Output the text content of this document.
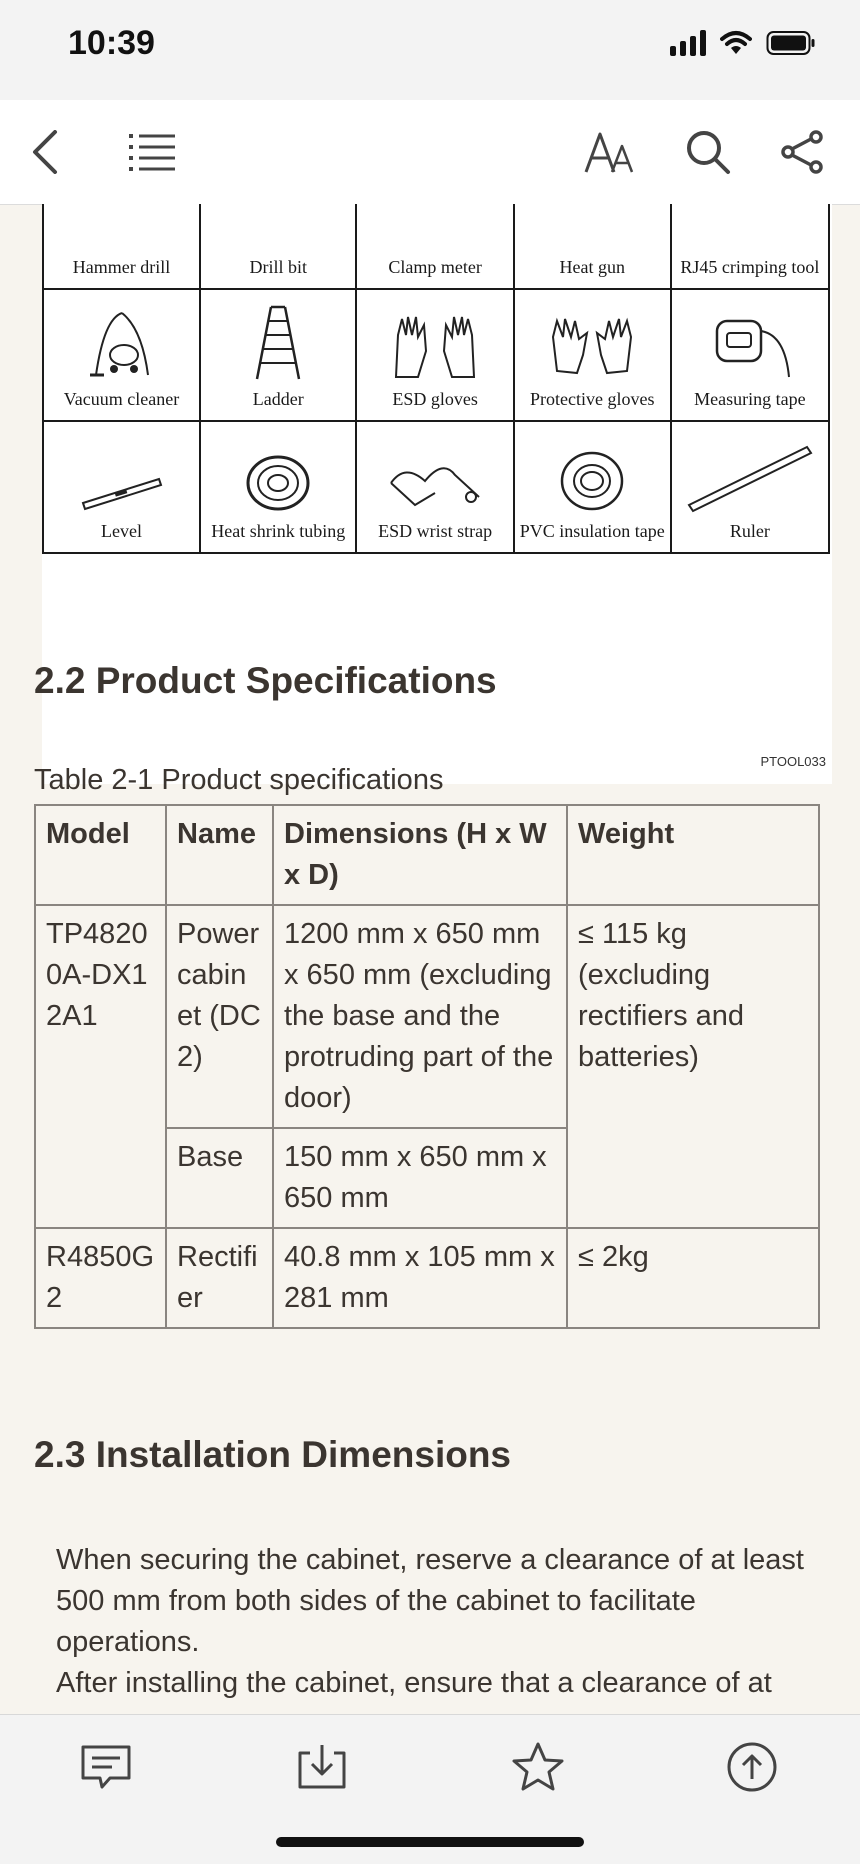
10:39
Hammer drill	Drill bit	Clamp meter	Heat gun	RJ45 crimping tool

Vacuum cleaner	Ladder	ESD gloves	Protective gloves	Measuring tape

Level	Heat shrink tubing	ESD wrist strap	PVC insulation tape	Ruler
PTOOL033
2.2 Product Specifications
Table 2-1 Product specifications
Model	Name	Dimensions (H x W x D)	Weight
TP48200A-DX12A1	Power cabinet (DC2)	1200 mm x 650 mm x 650 mm (excluding the base and the protruding part of the door)	≤ 115 kg (excluding rectifiers and batteries)
	Base	150 mm x 650 mm x 650 mm	
R4850G2	Rectifier	40.8 mm x 105 mm x 281 mm	≤ 2kg
2.3 Installation Dimensions
When securing the cabinet, reserve a clearance of at least 500 mm from both sides of the cabinet to facilitate operations.
After installing the cabinet, ensure that a clearance of at
